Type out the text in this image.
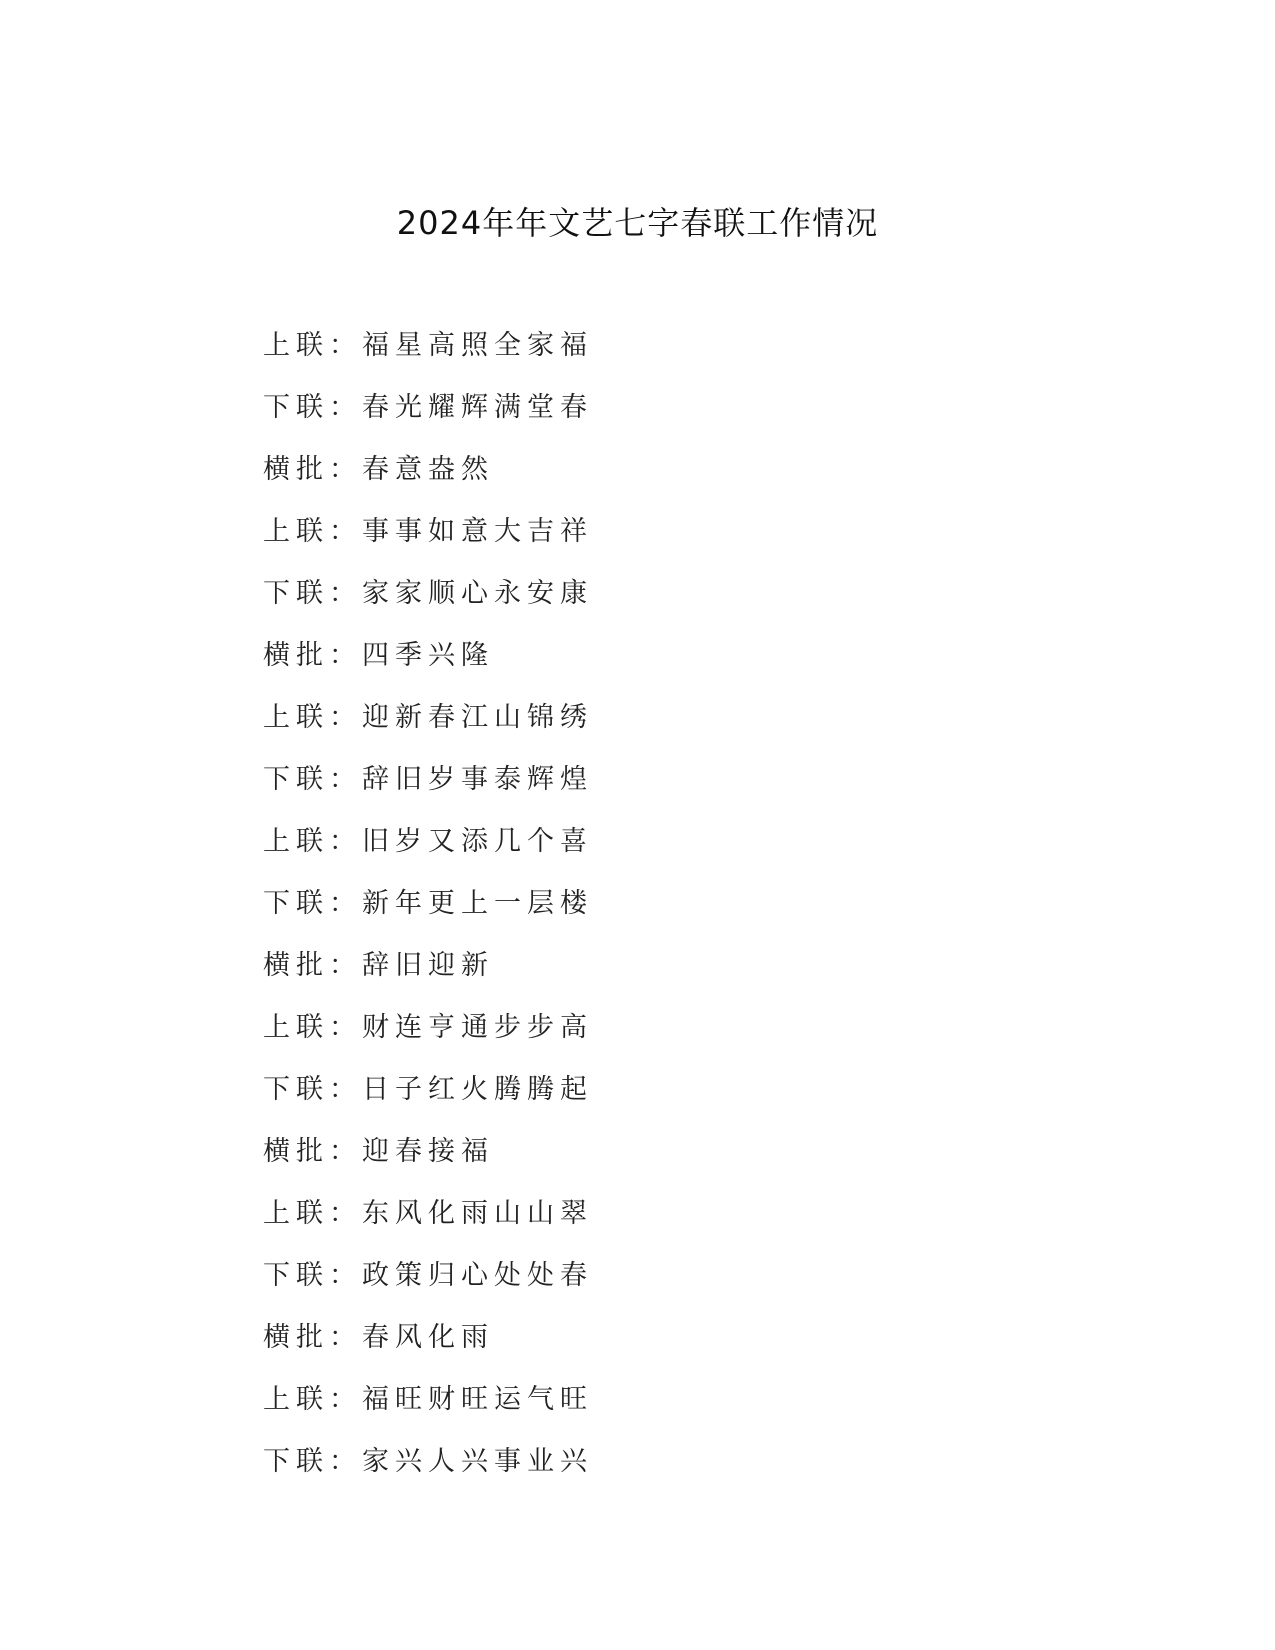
2024年年文艺七字春联工作情况
上联：福星高照全家福
下联：春光耀辉满堂春
横批：春意盎然
上联：事事如意大吉祥
下联：家家顺心永安康
横批：四季兴隆
上联：迎新春江山锦绣
下联：辞旧岁事泰辉煌
上联：旧岁又添几个喜
下联：新年更上一层楼
横批：辞旧迎新
上联：财连亨通步步高
下联：日子红火腾腾起
横批：迎春接福
上联：东风化雨山山翠
下联：政策归心处处春
横批：春风化雨
上联：福旺财旺运气旺
下联：家兴人兴事业兴
